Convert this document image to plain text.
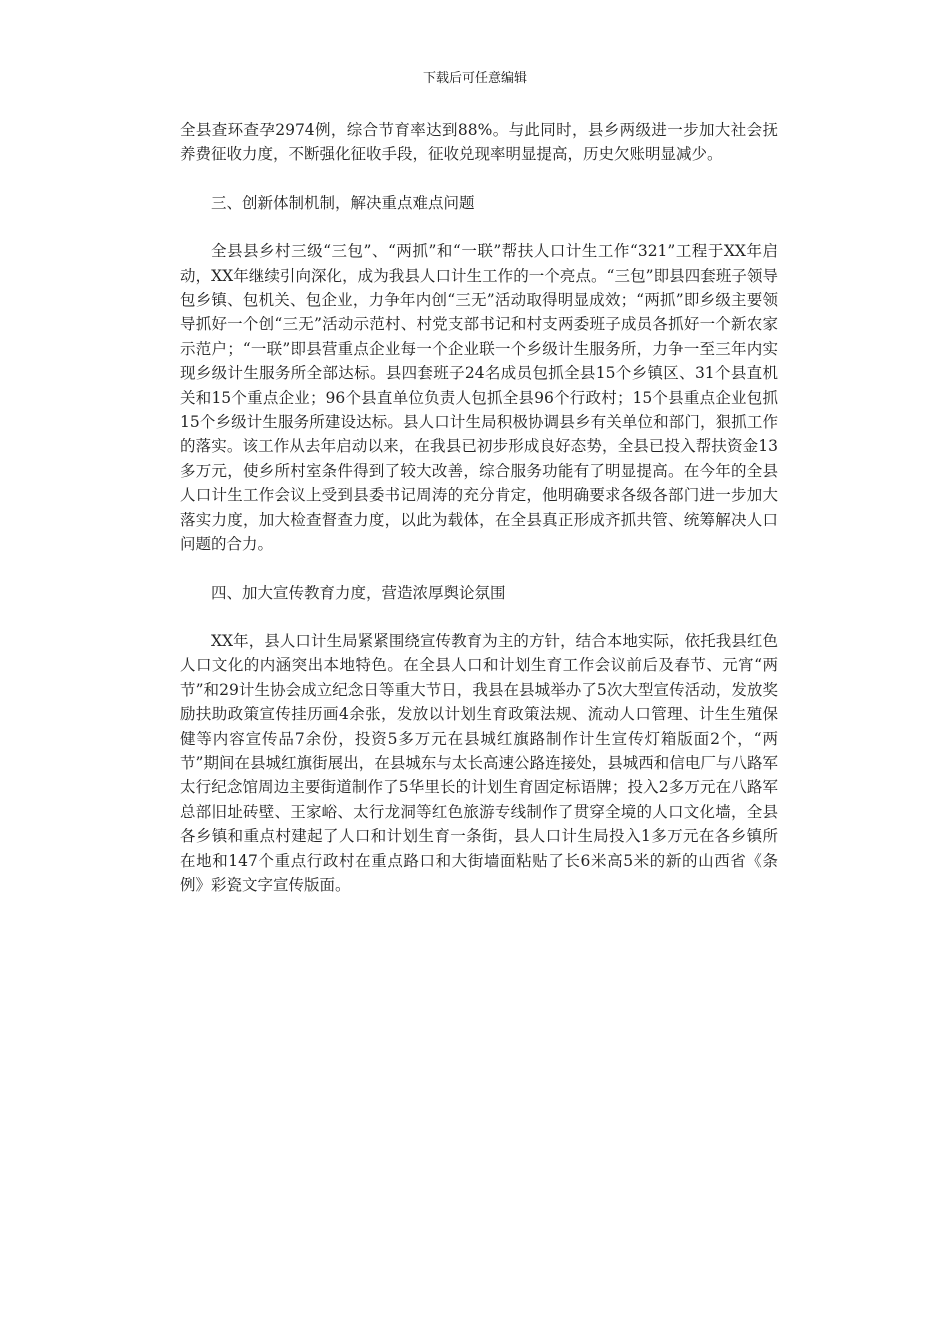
下载后可任意编辑

全县查环查孕2974例，综合节育率达到88%。与此同时，县乡两级进一步加大社会抚养费征收力度，不断强化征收手段，征收兑现率明显提高，历史欠账明显减少。

三、创新体制机制，解决重点难点问题

全县县乡村三级“三包”、“两抓”和“一联”帮扶人口计生工作“321”工程于XX年启动，XX年继续引向深化，成为我县人口计生工作的一个亮点。“三包”即县四套班子领导包乡镇、包机关、包企业，力争年内创“三无”活动取得明显成效；“两抓”即乡级主要领导抓好一个创“三无”活动示范村、村党支部书记和村支两委班子成员各抓好一个新农家示范户；“一联”即县营重点企业每一个企业联一个乡级计生服务所，力争一至三年内实现乡级计生服务所全部达标。县四套班子24名成员包抓全县15个乡镇区、31个县直机关和15个重点企业；96个县直单位负责人包抓全县96个行政村；15个县重点企业包抓15个乡级计生服务所建设达标。县人口计生局积极协调县乡有关单位和部门，狠抓工作的落实。该工作从去年启动以来，在我县已初步形成良好态势，全县已投入帮扶资金13多万元，使乡所村室条件得到了较大改善，综合服务功能有了明显提高。在今年的全县人口计生工作会议上受到县委书记周涛的充分肯定，他明确要求各级各部门进一步加大落实力度，加大检查督查力度，以此为载体，在全县真正形成齐抓共管、统筹解决人口问题的合力。

四、加大宣传教育力度，营造浓厚舆论氛围

XX年，县人口计生局紧紧围绕宣传教育为主的方针，结合本地实际，依托我县红色人口文化的内涵突出本地特色。在全县人口和计划生育工作会议前后及春节、元宵“两节”和29计生协会成立纪念日等重大节日，我县在县城举办了5次大型宣传活动，发放奖励扶助政策宣传挂历画4余张，发放以计划生育政策法规、流动人口管理、计生生殖保健等内容宣传品7余份，投资5多万元在县城红旗路制作计生宣传灯箱版面2个，“两节”期间在县城红旗街展出，在县城东与太长高速公路连接处，县城西和信电厂与八路军太行纪念馆周边主要街道制作了5华里长的计划生育固定标语牌；投入2多万元在八路军总部旧址砖壁、王家峪、太行龙洞等红色旅游专线制作了贯穿全境的人口文化墙，全县各乡镇和重点村建起了人口和计划生育一条街，县人口计生局投入1多万元在各乡镇所在地和147个重点行政村在重点路口和大街墙面粘贴了长6米高5米的新的山西省《条例》彩瓷文字宣传版面。
